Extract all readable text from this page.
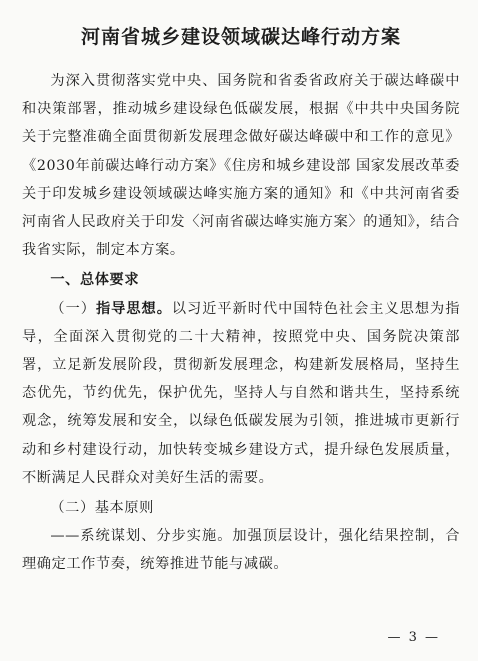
河南省城乡建设领域碳达峰行动方案

为深入贯彻落实党中央、国务院和省委省政府关于碳达峰碳中和决策部署，推动城乡建设绿色低碳发展，根据《中共中央国务院关于完整准确全面贯彻新发展理念做好碳达峰碳中和工作的意见》《2030年前碳达峰行动方案》《住房和城乡建设部 国家发展改革委关于印发城乡建设领域碳达峰实施方案的通知》和《中共河南省委河南省人民政府关于印发〈河南省碳达峰实施方案〉的通知》，结合我省实际，制定本方案。

一、总体要求

（一）指导思想。以习近平新时代中国特色社会主义思想为指导，全面深入贯彻党的二十大精神，按照党中央、国务院决策部署，立足新发展阶段，贯彻新发展理念，构建新发展格局，坚持生态优先，节约优先，保护优先，坚持人与自然和谐共生，坚持系统观念，统筹发展和安全，以绿色低碳发展为引领，推进城市更新行动和乡村建设行动，加快转变城乡建设方式，提升绿色发展质量，不断满足人民群众对美好生活的需要。

（二）基本原则

——系统谋划、分步实施。加强顶层设计，强化结果控制，合理确定工作节奏，统筹推进节能与减碳。

— 3 —
